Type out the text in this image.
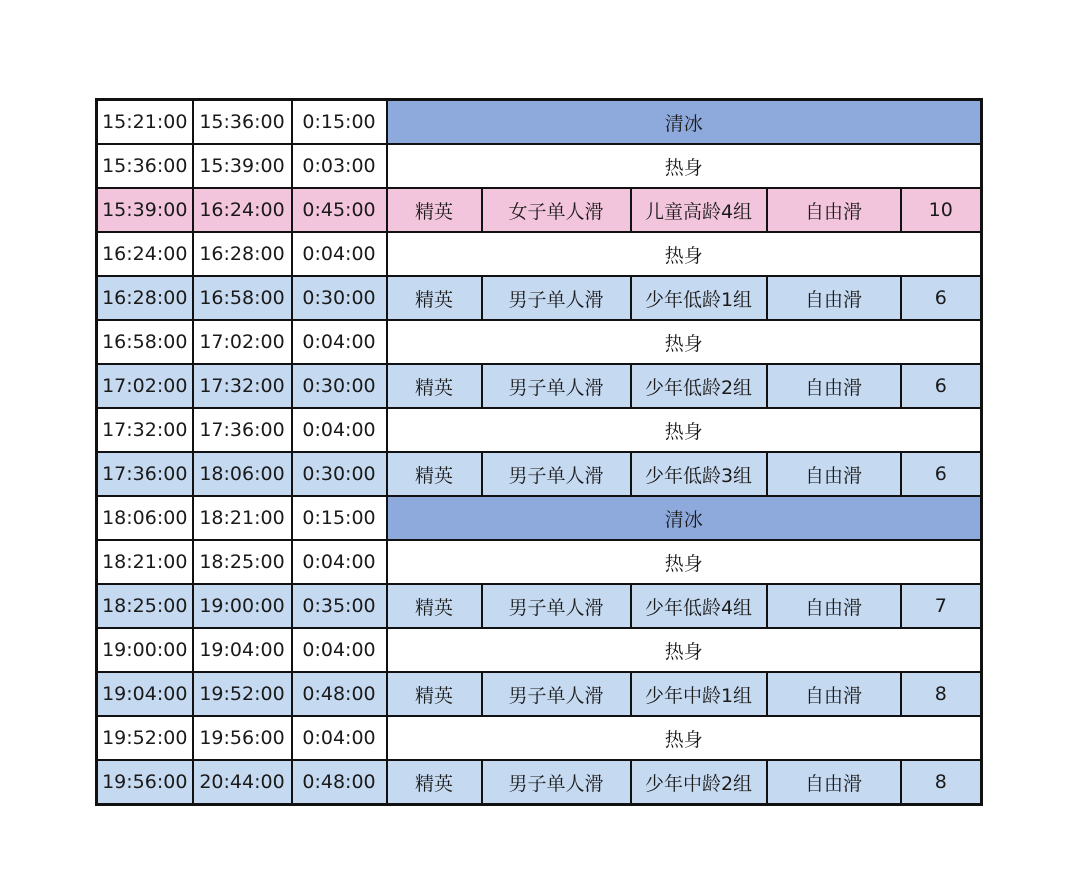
15:21:00	15:36:00	0:15:00	清冰				
15:36:00	15:39:00	0:03:00	热身				
15:39:00	16:24:00	0:45:00	精英	女子单人滑	儿童高龄4组	自由滑	10
16:24:00	16:28:00	0:04:00	热身				
16:28:00	16:58:00	0:30:00	精英	男子单人滑	少年低龄1组	自由滑	6
16:58:00	17:02:00	0:04:00	热身				
17:02:00	17:32:00	0:30:00	精英	男子单人滑	少年低龄2组	自由滑	6
17:32:00	17:36:00	0:04:00	热身				
17:36:00	18:06:00	0:30:00	精英	男子单人滑	少年低龄3组	自由滑	6
18:06:00	18:21:00	0:15:00	清冰				
18:21:00	18:25:00	0:04:00	热身				
18:25:00	19:00:00	0:35:00	精英	男子单人滑	少年低龄4组	自由滑	7
19:00:00	19:04:00	0:04:00	热身				
19:04:00	19:52:00	0:48:00	精英	男子单人滑	少年中龄1组	自由滑	8
19:52:00	19:56:00	0:04:00	热身				
19:56:00	20:44:00	0:48:00	精英	男子单人滑	少年中龄2组	自由滑	8
